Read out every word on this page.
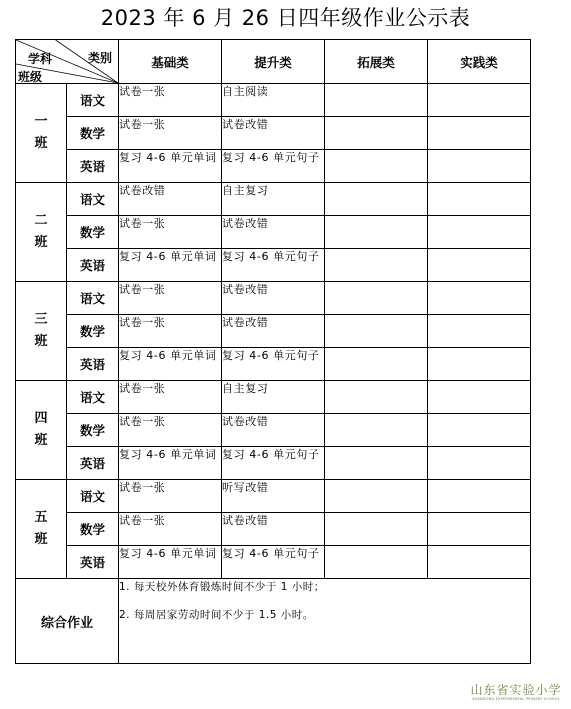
2023 年 6 月 26 日四年级作业公示表
学科 类别
班级		基础类	提升类	拓展类	实践类
一
班	语文	试卷一张	自主阅读		
	数学	试卷一张	试卷改错		
	英语	复习 4-6 单元单词	复习 4-6 单元句子		
二
班	语文	试卷改错	自主复习		
	数学	试卷一张	试卷改错		
	英语	复习 4-6 单元单词	复习 4-6 单元句子		
三
班	语文	试卷一张	试卷改错		
	数学	试卷一张	试卷改错		
	英语	复习 4-6 单元单词	复习 4-6 单元句子		
四
班	语文	试卷一张	自主复习		
	数学	试卷一张	试卷改错		
	英语	复习 4-6 单元单词	复习 4-6 单元句子		
五
班	语文	试卷一张	听写改错		
	数学	试卷一张	试卷改错		
	英语	复习 4-6 单元单词	复习 4-6 单元句子		
综合作业		1. 每天校外体育锻炼时间不少于 1 小时；

2. 每周居家劳动时间不少于 1.5 小时。			

山东省实验小学
SHANDONG EXPERIMENTAL PRIMARY SCHOOL
